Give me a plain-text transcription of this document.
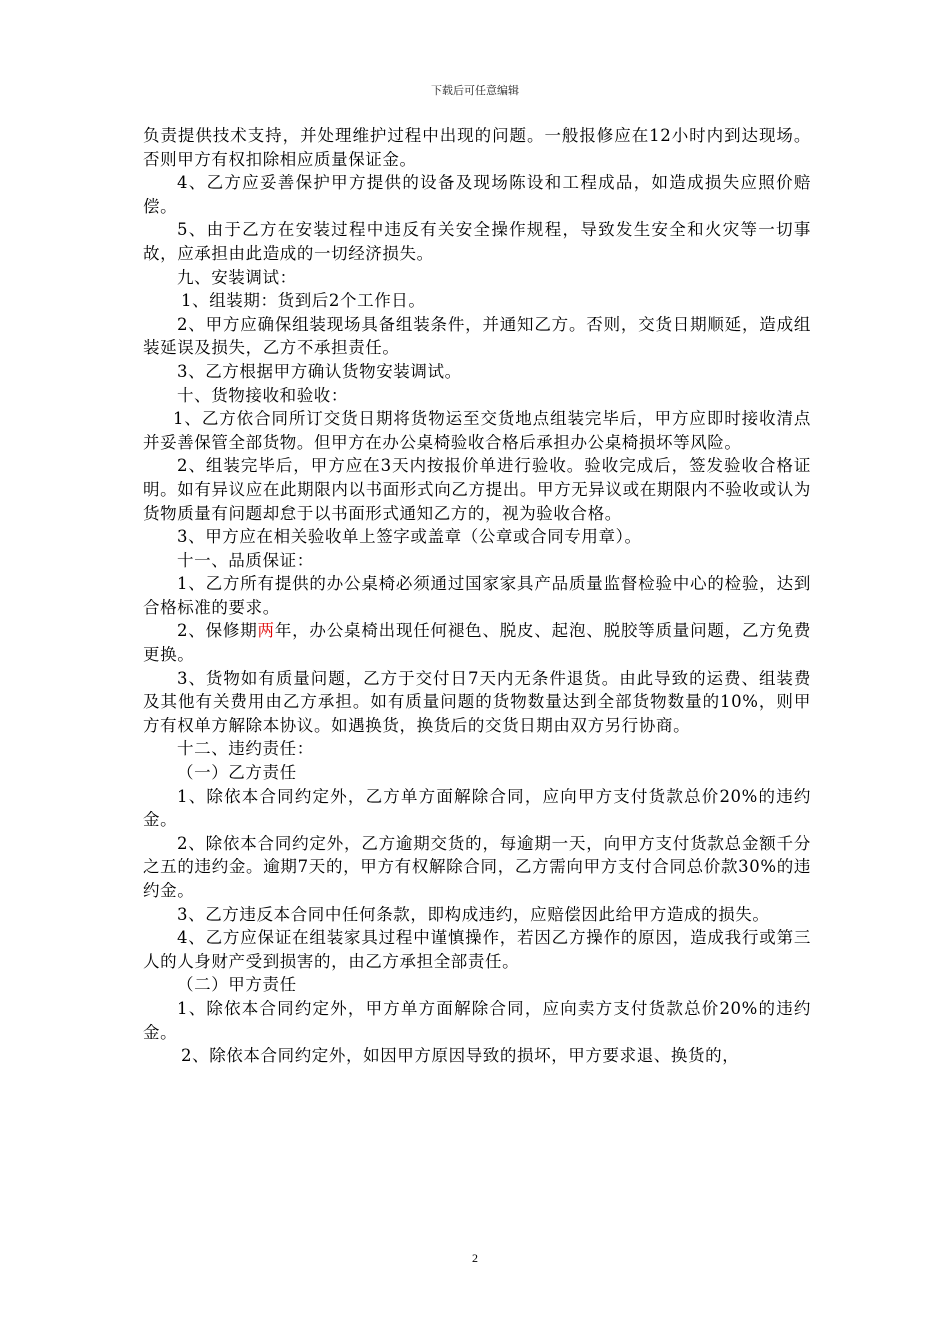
下载后可任意编辑

负责提供技术支持，并处理维护过程中出现的问题。一般报修应在12小时内到达现场。否则甲方有权扣除相应质量保证金。

4、乙方应妥善保护甲方提供的设备及现场陈设和工程成品，如造成损失应照价赔偿。

5、由于乙方在安装过程中违反有关安全操作规程，导致发生安全和火灾等一切事故，应承担由此造成的一切经济损失。

九、安装调试：

1、组装期：货到后2个工作日。

2、甲方应确保组装现场具备组装条件，并通知乙方。否则，交货日期顺延，造成组装延误及损失，乙方不承担责任。

3、乙方根据甲方确认货物安装调试。

十、货物接收和验收：

1、乙方依合同所订交货日期将货物运至交货地点组装完毕后，甲方应即时接收清点并妥善保管全部货物。但甲方在办公桌椅验收合格后承担办公桌椅损坏等风险。

2、组装完毕后，甲方应在3天内按报价单进行验收。验收完成后，签发验收合格证明。如有异议应在此期限内以书面形式向乙方提出。甲方无异议或在期限内不验收或认为货物质量有问题却怠于以书面形式通知乙方的，视为验收合格。

3、甲方应在相关验收单上签字或盖章（公章或合同专用章）。

十一、品质保证：

1、乙方所有提供的办公桌椅必须通过国家家具产品质量监督检验中心的检验，达到合格标准的要求。

2、保修期两年，办公桌椅出现任何褪色、脱皮、起泡、脱胶等质量问题，乙方免费更换。

3、货物如有质量问题，乙方于交付日7天内无条件退货。由此导致的运费、组装费及其他有关费用由乙方承担。如有质量问题的货物数量达到全部货物数量的10%，则甲方有权单方解除本协议。如遇换货，换货后的交货日期由双方另行协商。

十二、违约责任：

（一）乙方责任

1、除依本合同约定外，乙方单方面解除合同，应向甲方支付货款总价20%的违约金。

2、除依本合同约定外，乙方逾期交货的，每逾期一天，向甲方支付货款总金额千分之五的违约金。逾期7天的，甲方有权解除合同，乙方需向甲方支付合同总价款30%的违约金。

3、乙方违反本合同中任何条款，即构成违约，应赔偿因此给甲方造成的损失。

4、乙方应保证在组装家具过程中谨慎操作，若因乙方操作的原因，造成我行或第三人的人身财产受到损害的，由乙方承担全部责任。

（二）甲方责任

1、除依本合同约定外，甲方单方面解除合同，应向卖方支付货款总价20%的违约金。

2、除依本合同约定外，如因甲方原因导致的损坏，甲方要求退、换货的，

2
